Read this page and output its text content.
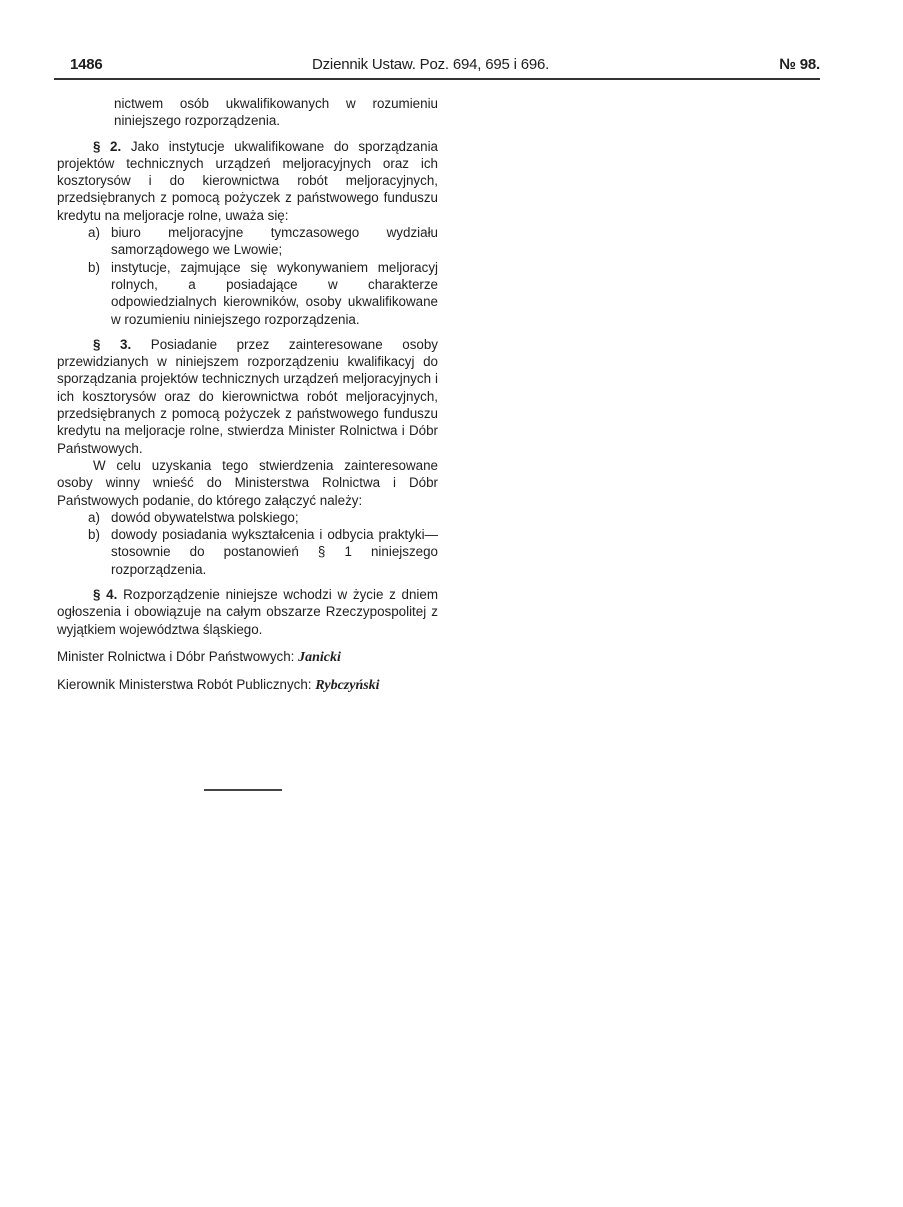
1486	Dziennik Ustaw. Poz. 694, 695 i 696.	№ 98.

nictwem osób ukwalifikowanych w rozumieniu niniejszego rozporządzenia.

§ 2. Jako instytucje ukwalifikowane do sporządzania projektów technicznych urządzeń meljoracyjnych oraz ich kosztorysów i do kierownictwa robót meljoracyjnych, przedsiębranych z pomocą pożyczek z państwowego funduszu kredytu na meljoracje rolne, uważa się:

a) biuro meljoracyjne tymczasowego wydziału samorządowego we Lwowie;

b) instytucje, zajmujące się wykonywaniem meljoracyj rolnych, a posiadające w charakterze odpowiedzialnych kierowników, osoby ukwalifikowane w rozumieniu niniejszego rozporządzenia.

§ 3. Posiadanie przez zainteresowane osoby przewidzianych w niniejszem rozporządzeniu kwalifikacyj do sporządzania projektów technicznych urządzeń meljoracyjnych i ich kosztorysów oraz do kierownictwa robót meljoracyjnych, przedsiębranych z pomocą pożyczek z państwowego funduszu kredytu na meljoracje rolne, stwierdza Minister Rolnictwa i Dóbr Państwowych.

W celu uzyskania tego stwierdzenia zainteresowane osoby winny wnieść do Ministerstwa Rolnictwa i Dóbr Państwowych podanie, do którego załączyć należy:

a) dowód obywatelstwa polskiego;

b) dowody posiadania wykształcenia i odbycia praktyki—stosownie do postanowień § 1 niniejszego rozporządzenia.

§ 4. Rozporządzenie niniejsze wchodzi w życie z dniem ogłoszenia i obowiązuje na całym obszarze Rzeczypospolitej z wyjątkiem województwa śląskiego.

Minister Rolnictwa i Dóbr Państwowych: Janicki

Kierownik Ministerstwa Robót Publicznych: Rybczyński
